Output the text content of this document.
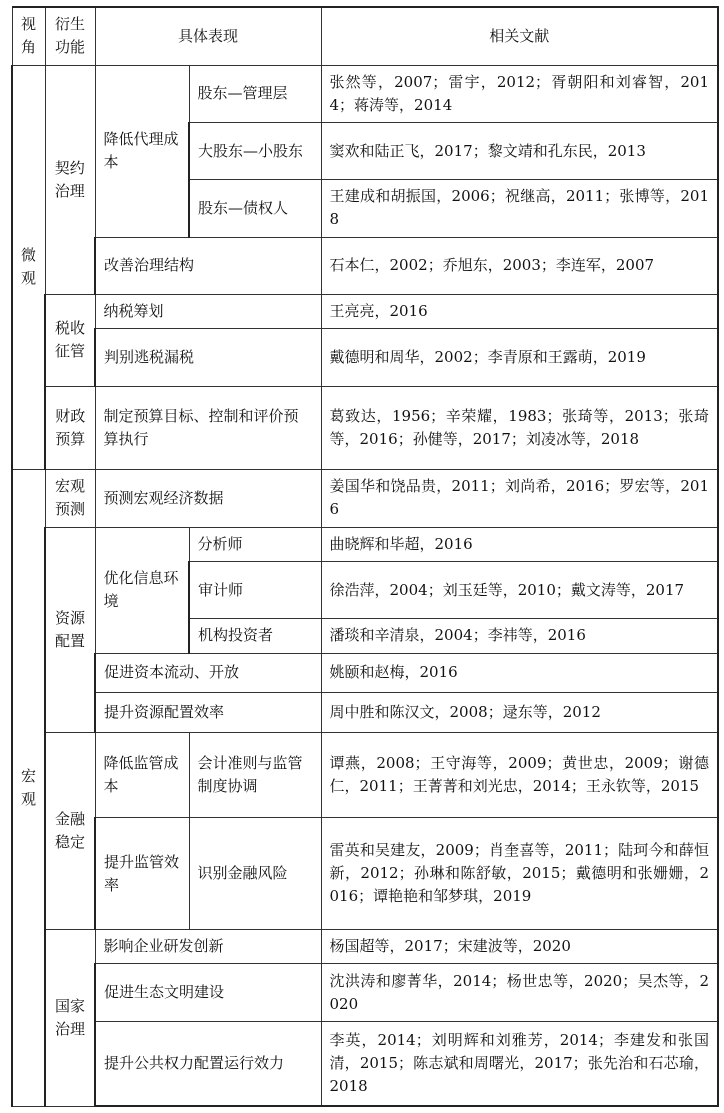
视角	衍生功能	具体表现		相关文献
微观	契约治理	降低代理成本	股东—管理层	张然等，2007；雷宇，2012；胥朝阳和刘睿智，2014；蒋涛等，2014
			大股东—小股东	窦欢和陆正飞，2017；黎文靖和孔东民，2013
			股东—债权人	王建成和胡振国，2006；祝继高，2011；张博等，2018
		改善治理结构		石本仁，2002；乔旭东，2003；李连军，2007
	税收征管	纳税筹划		王亮亮，2016
		判别逃税漏税		戴德明和周华，2002；李青原和王露萌，2019
	财政预算	制定预算目标、控制和评价预算执行		葛致达，1956；辛荣耀，1983；张琦等，2013；张琦等，2016；孙健等，2017；刘凌冰等，2018
宏观	宏观预测	预测宏观经济数据		姜国华和饶品贵，2011；刘尚希，2016；罗宏等，2016
	资源配置	优化信息环境	分析师	曲晓辉和毕超，2016
			审计师	徐浩萍，2004；刘玉廷等，2010；戴文涛等，2017
			机构投资者	潘琰和辛清泉，2004；李祎等，2016
		促进资本流动、开放		姚颐和赵梅，2016
		提升资源配置效率		周中胜和陈汉文，2008；逯东等，2012
	金融稳定	降低监管成本	会计准则与监管制度协调	谭燕，2008；王守海等，2009；黄世忠，2009；谢德仁，2011；王菁菁和刘光忠，2014；王永钦等，2015
		提升监管效率	识别金融风险	雷英和吴建友，2009；肖奎喜等，2011；陆珂今和薛恒新，2012；孙琳和陈舒敏，2015；戴德明和张姗姗，2016；谭艳艳和邹梦琪，2019
	国家治理	影响企业研发创新		杨国超等，2017；宋建波等，2020
		促进生态文明建设		沈洪涛和廖菁华，2014；杨世忠等，2020；吴杰等，2020
		提升公共权力配置运行效力		李英，2014；刘明辉和刘雅芳，2014；李建发和张国清，2015；陈志斌和周曙光，2017；张先治和石芯瑜，2018
